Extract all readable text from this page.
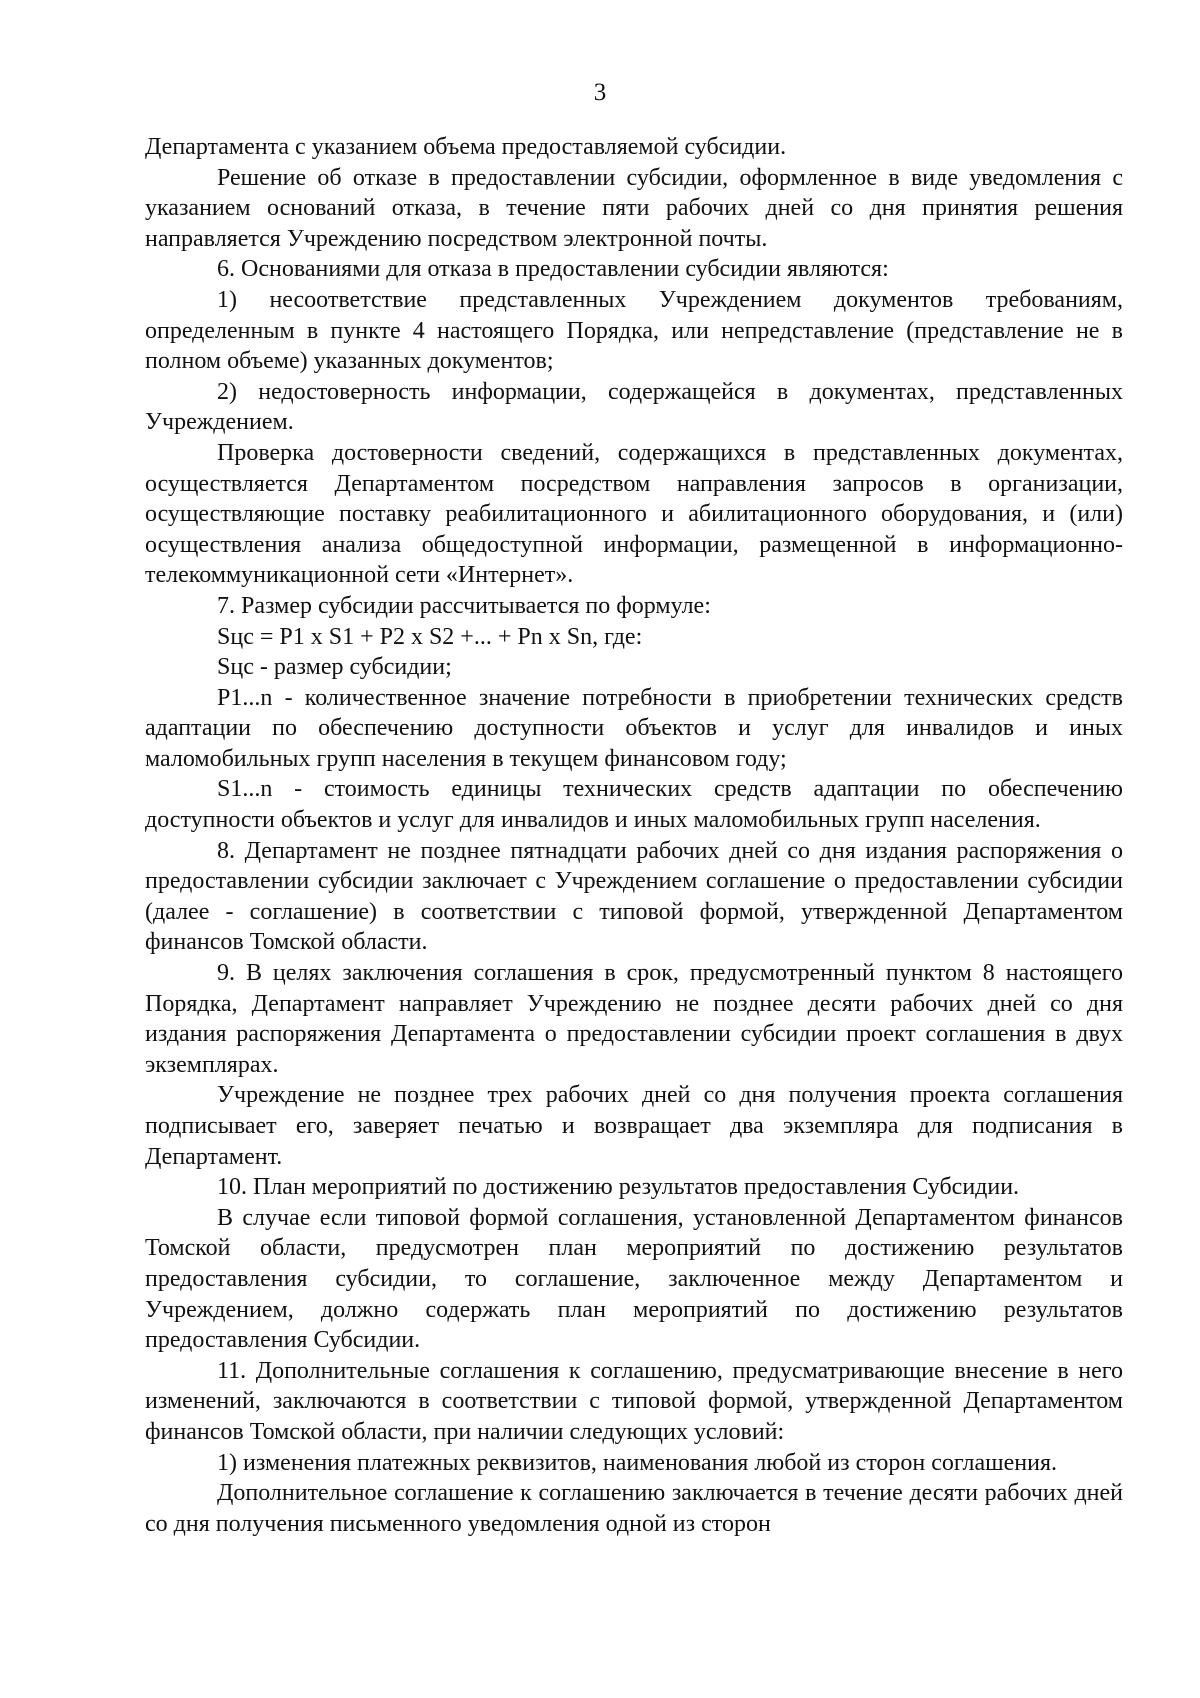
3

Департамента с указанием объема предоставляемой субсидии.

Решение об отказе в предоставлении субсидии, оформленное в виде уведомления с указанием оснований отказа, в течение пяти рабочих дней со дня принятия решения направляется Учреждению посредством электронной почты.

6. Основаниями для отказа в предоставлении субсидии являются:

1) несоответствие представленных Учреждением документов требованиям, определенным в пункте 4 настоящего Порядка, или непредставление (представление не в полном объеме) указанных документов;

2) недостоверность информации, содержащейся в документах, представленных Учреждением.

Проверка достоверности сведений, содержащихся в представленных документах, осуществляется Департаментом посредством направления запросов в организации, осуществляющие поставку реабилитационного и абилитационного оборудования, и (или) осуществления анализа общедоступной информации, размещенной в информационно-телекоммуникационной сети «Интернет».

7. Размер субсидии рассчитывается по формуле:

Sцс = P1 x S1 + P2 x S2 +... + Pn x Sn, где:

Sцс - размер субсидии;

P1...n - количественное значение потребности в приобретении технических средств адаптации по обеспечению доступности объектов и услуг для инвалидов и иных маломобильных групп населения в текущем финансовом году;

S1...n - стоимость единицы технических средств адаптации по обеспечению доступности объектов и услуг для инвалидов и иных маломобильных групп населения.

8. Департамент не позднее пятнадцати рабочих дней со дня издания распоряжения о предоставлении субсидии заключает с Учреждением соглашение о предоставлении субсидии (далее - соглашение) в соответствии с типовой формой, утвержденной Департаментом финансов Томской области.

9. В целях заключения соглашения в срок, предусмотренный пунктом 8 настоящего Порядка, Департамент направляет Учреждению не позднее десяти рабочих дней со дня издания распоряжения Департамента о предоставлении субсидии проект соглашения в двух экземплярах.

Учреждение не позднее трех рабочих дней со дня получения проекта соглашения подписывает его, заверяет печатью и возвращает два экземпляра для подписания в Департамент.

10. План мероприятий по достижению результатов предоставления Субсидии.

В случае если типовой формой соглашения, установленной Департаментом финансов Томской области, предусмотрен план мероприятий по достижению результатов предоставления субсидии, то соглашение, заключенное между Департаментом и Учреждением, должно содержать план мероприятий по достижению результатов предоставления Субсидии.

11. Дополнительные соглашения к соглашению, предусматривающие внесение в него изменений, заключаются в соответствии с типовой формой, утвержденной Департаментом финансов Томской области, при наличии следующих условий:

1) изменения платежных реквизитов, наименования любой из сторон соглашения.

Дополнительное соглашение к соглашению заключается в течение десяти рабочих дней со дня получения письменного уведомления одной из сторон
